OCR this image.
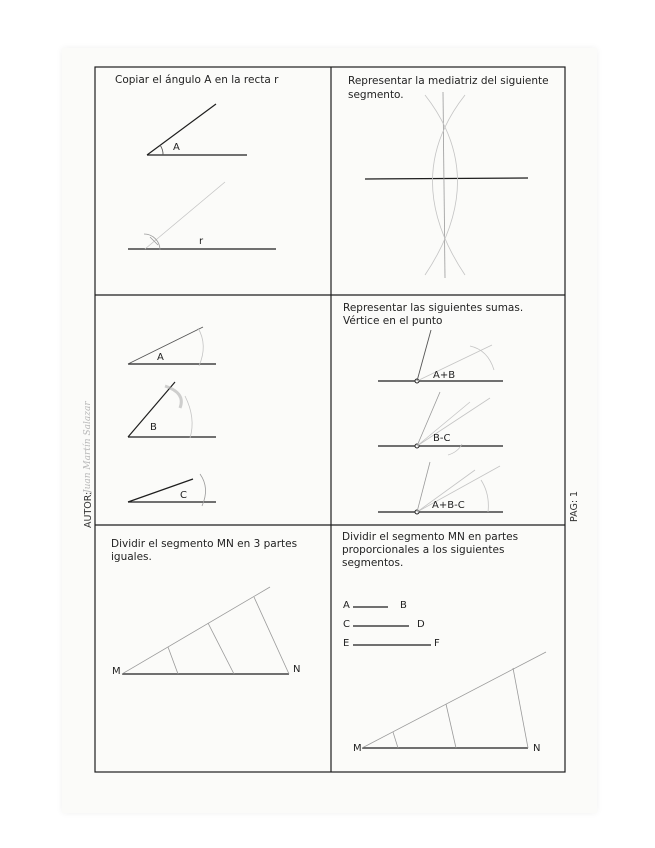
AUTOR:
Juan Martín Salazar
PAG: 1
Copiar el ángulo A en la recta r
A
r
Representar la mediatriz del siguiente
segmento.
A
B
C
Representar las siguientes sumas.
Vértice en el punto
A+B
B-C
A+B-C
Dividir el segmento MN en 3 partes
iguales.
M	N
Dividir el segmento MN en partes
proporcionales a los siguientes
segmentos.
A	B
C	D
E	F
M	N
